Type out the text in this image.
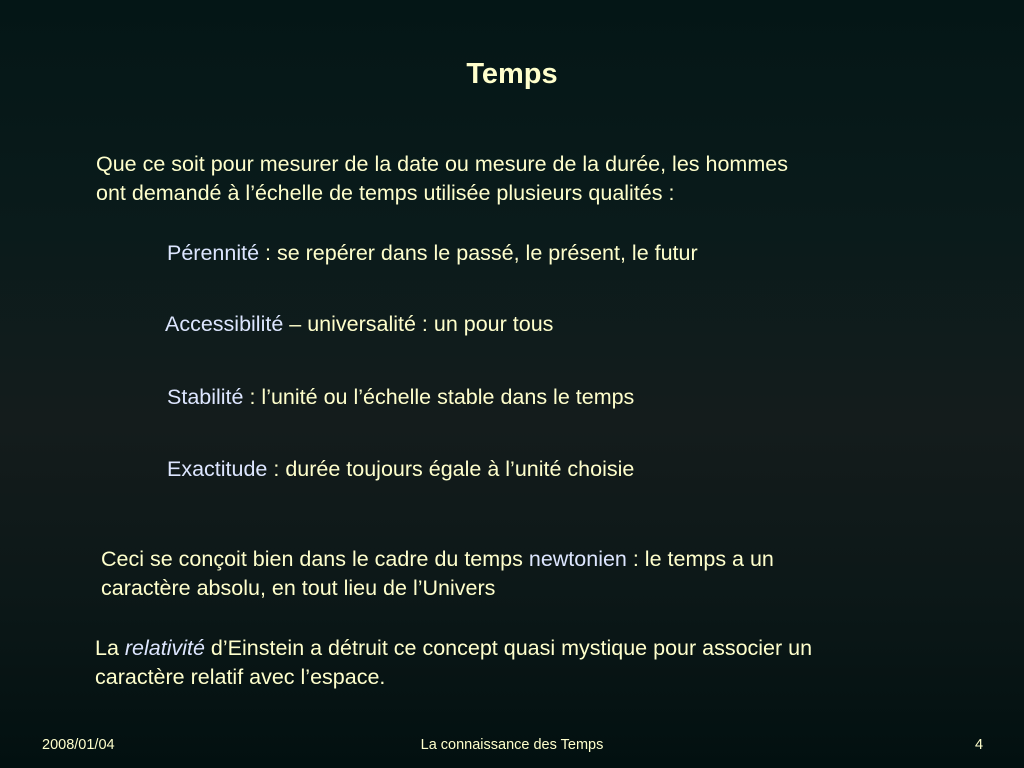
Temps
Que ce soit pour mesurer de la date ou mesure de la durée, les hommes
ont demandé à l’échelle de temps utilisée plusieurs qualités :
Pérennité : se repérer dans le passé, le présent, le futur
Accessibilité – universalité : un pour tous
Stabilité : l’unité ou l’échelle stable dans le temps
Exactitude : durée toujours égale à l’unité choisie
Ceci se conçoit bien dans le cadre du temps newtonien : le temps a un
caractère absolu, en tout lieu de l’Univers
La relativité d’Einstein a détruit ce concept quasi mystique pour associer un
caractère relatif avec l’espace.
2008/01/04	La connaissance des Temps	4
